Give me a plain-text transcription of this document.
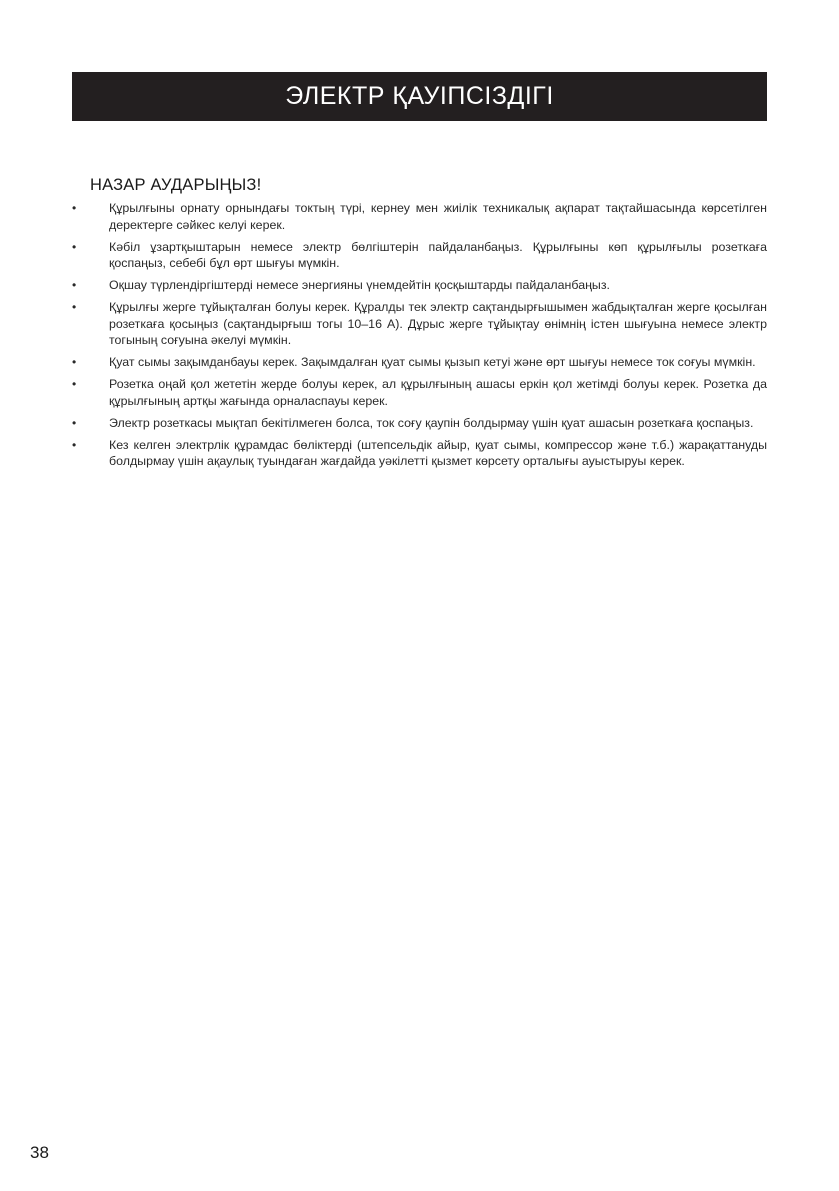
ЭЛЕКТР ҚАУІПСІЗДІГІ
НАЗАР АУДАРЫҢЫЗ!
•	Құрылғыны орнату орнындағы токтың түрі, кернеу мен жиілік техникалық ақпарат тақтайшасында көрсетілген деректерге сәйкес келуі керек.
•	Кәбіл ұзартқыштарын немесе электр бөлгіштерін пайдаланбаңыз. Құрылғыны көп құрылғылы розеткаға қоспаңыз, себебі бұл өрт шығуы мүмкін.
•	Оқшау түрлендіргіштерді немесе энергияны үнемдейтін қосқыштарды пайдаланбаңыз.
•	Құрылғы жерге тұйықталған болуы керек. Құралды тек электр сақтандырғышымен жабдықталған жерге қосылған розеткаға қосыңыз (сақтандырғыш тогы 10–16 А). Дұрыс жерге тұйықтау өнімнің істен шығуына немесе электр тогының соғуына әкелуі мүмкін.
•	Қуат сымы зақымданбауы керек. Зақымдалған қуат сымы қызып кетуі және өрт шығуы немесе ток соғуы мүмкін.
•	Розетка оңай қол жететін жерде болуы керек, ал құрылғының ашасы еркін қол жетімді болуы керек. Розетка да құрылғының артқы жағында орналаспауы керек.
•	Электр розеткасы мықтап бекітілмеген болса, ток соғу қаупін болдырмау үшін қуат ашасын розеткаға қоспаңыз.
•	Кез келген электрлік құрамдас бөліктерді (штепсельдік айыр, қуат сымы, компрессор және т.б.) жарақаттануды болдырмау үшін ақаулық туындаған жағдайда уәкілетті қызмет көрсету орталығы ауыстыруы керек.
38
